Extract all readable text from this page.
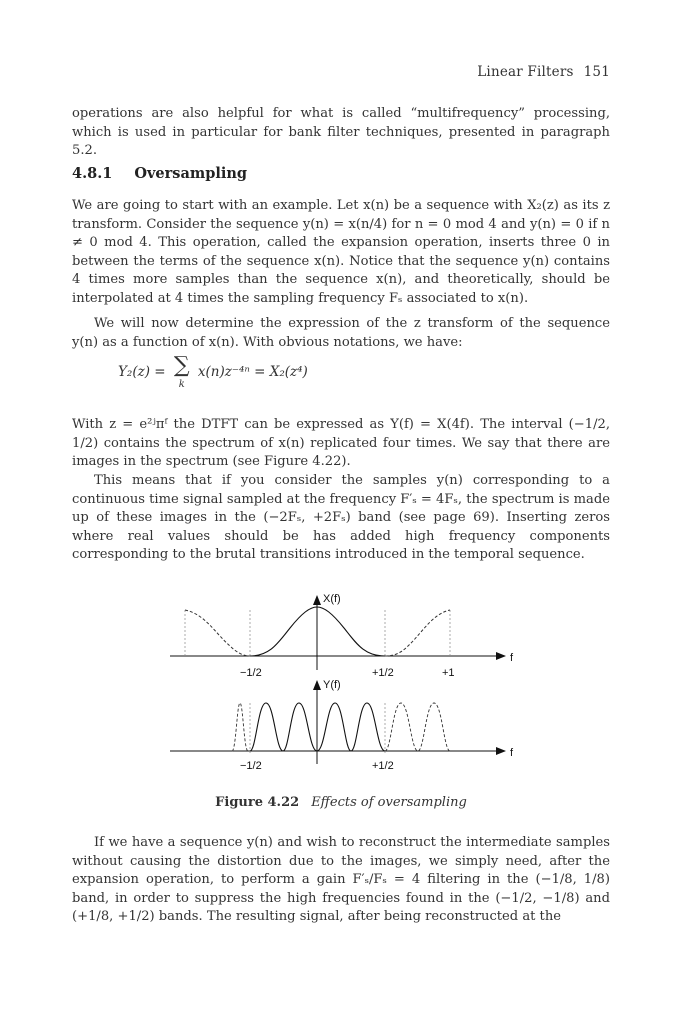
Linear Filters 151

operations are also helpful for what is called “multifrequency” processing, which is used in particular for bank filter techniques, presented in paragraph 5.2.

4.8.1 Oversampling

We are going to start with an example. Let x(n) be a sequence with X₂(z) as its z transform. Consider the sequence y(n) = x(n/4) for n = 0 mod 4 and y(n) = 0 if n ≠ 0 mod 4. This operation, called the expansion operation, inserts three 0 in between the terms of the sequence x(n). Notice that the sequence y(n) contains 4 times more samples than the sequence x(n), and theoretically, should be interpolated at 4 times the sampling frequency Fₛ associated to x(n).

We will now determine the expression of the z transform of the sequence y(n) as a function of x(n). With obvious notations, we have:

Y₂(z) = ∑
k
x(n)z⁻⁴ⁿ = X₂(z⁴)

With z = e²ʲπᶠ the DTFT can be expressed as Y(f) = X(4f). The interval (−1/2, 1/2) contains the spectrum of x(n) replicated four times. We say that there are images in the spectrum (see Figure 4.22).

This means that if you consider the samples y(n) corresponding to a continuous time signal sampled at the frequency F′ₛ = 4Fₛ, the spectrum is made up of these images in the (−2Fₛ, +2Fₛ) band (see page 69). Inserting zeros where real values should be has added high frequency components corresponding to the brutal transitions introduced in the temporal sequence.

X(f)
f
−1/2	+1/2	+1
Y(f)
f
−1/2	+1/2
Figure 4.22 Effects of oversampling

If we have a sequence y(n) and wish to reconstruct the intermediate samples without causing the distortion due to the images, we simply need, after the expansion operation, to perform a gain F′ₛ/Fₛ = 4 filtering in the (−1/8, 1/8) band, in order to suppress the high frequencies found in the (−1/2, −1/8) and (+1/8, +1/2) bands. The resulting signal, after being reconstructed at the
